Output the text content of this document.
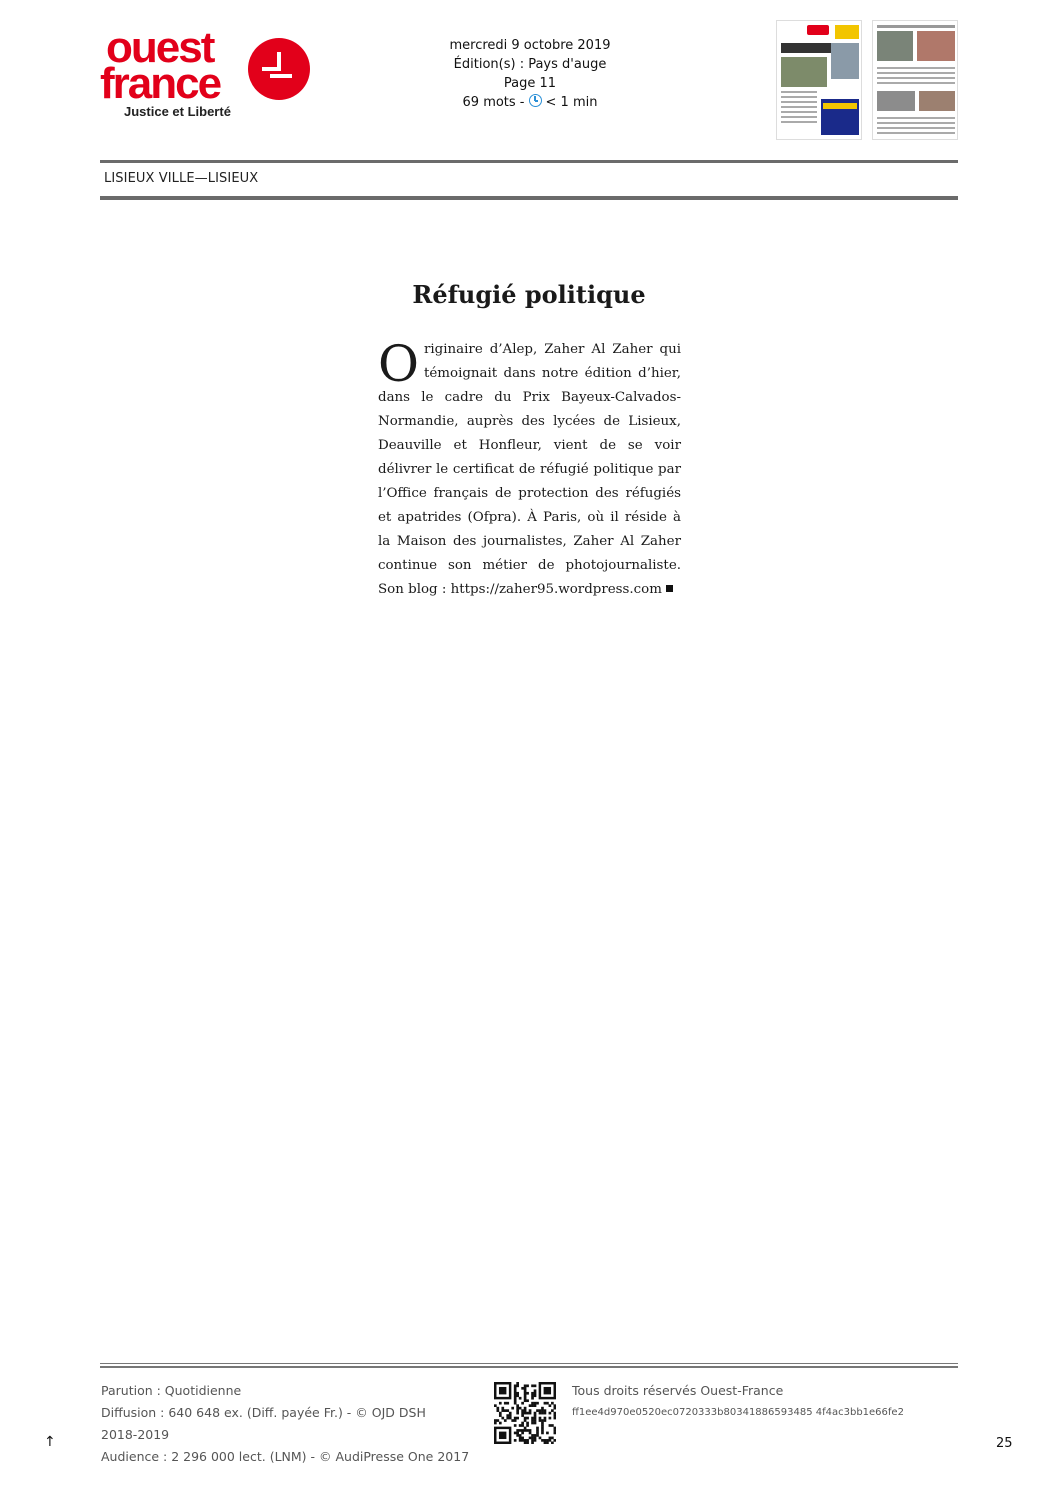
ouest
france
Justice et Liberté
mercredi 9 octobre 2019
Édition(s) : Pays d'auge
Page 11
69 mots - < 1 min
LISIEUX VILLE—LISIEUX
Réfugié politique
Originaire d’Alep, Zaher Al Zaher qui témoignait dans notre édition d’hier, dans le cadre du Prix Bayeux-Calvados-Normandie, auprès des lycées de Lisieux, Deauville et Honfleur, vient de se voir délivrer le certificat de réfugié politique par l’Office français de protection des réfugiés et apatrides (Ofpra). À Paris, où il réside à la Maison des journalistes, Zaher Al Zaher continue son métier de photojournaliste. Son blog : https://zaher95.wordpress.com
Parution : Quotidienne
Diffusion : 640 648 ex. (Diff. payée Fr.) - © OJD DSH
2018-2019
Audience : 2 296 000 lect. (LNM) - © AudiPresse One 2017
Tous droits réservés Ouest-France
ff1ee4d970e0520ec0720333b80341886593485 4f4ac3bb1e66fe2
↑	25
